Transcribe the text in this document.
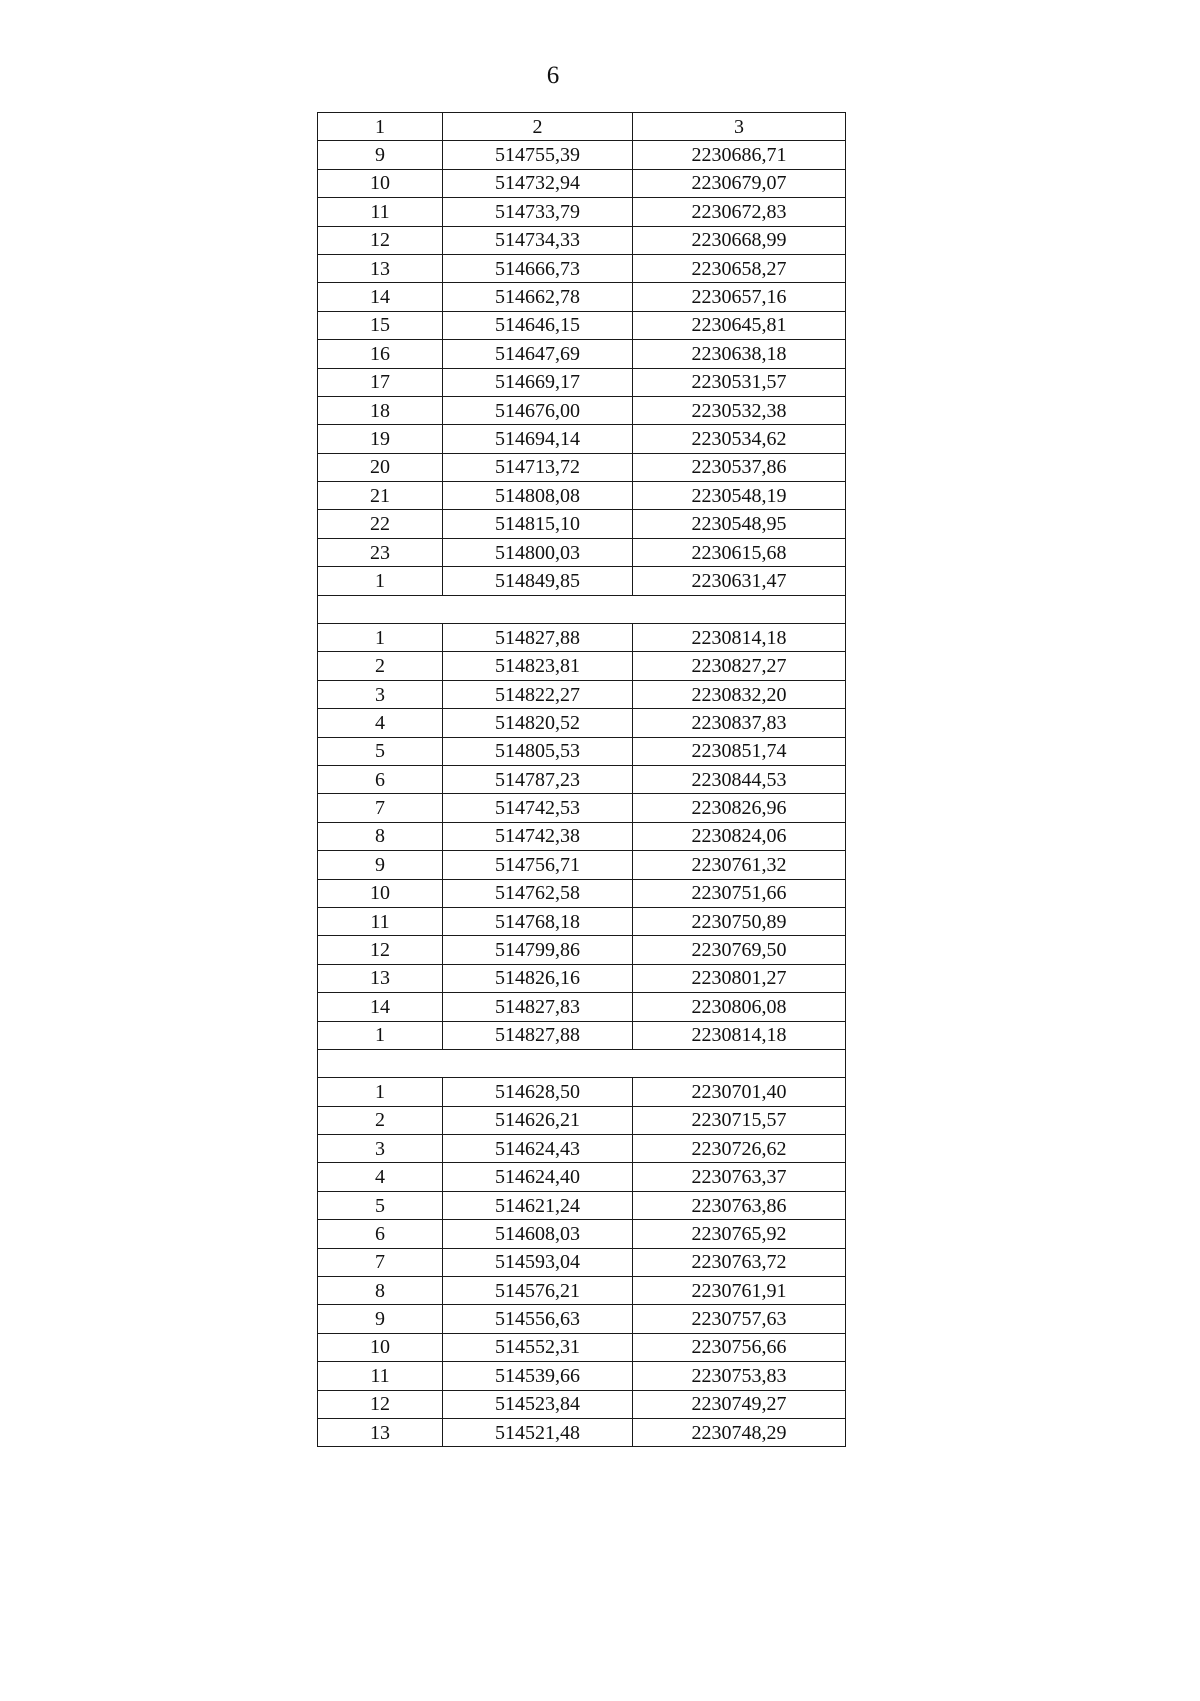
6
1	2	3
9	514755,39	2230686,71
10	514732,94	2230679,07
11	514733,79	2230672,83
12	514734,33	2230668,99
13	514666,73	2230658,27
14	514662,78	2230657,16
15	514646,15	2230645,81
16	514647,69	2230638,18
17	514669,17	2230531,57
18	514676,00	2230532,38
19	514694,14	2230534,62
20	514713,72	2230537,86
21	514808,08	2230548,19
22	514815,10	2230548,95
23	514800,03	2230615,68
1	514849,85	2230631,47

1	514827,88	2230814,18
2	514823,81	2230827,27
3	514822,27	2230832,20
4	514820,52	2230837,83
5	514805,53	2230851,74
6	514787,23	2230844,53
7	514742,53	2230826,96
8	514742,38	2230824,06
9	514756,71	2230761,32
10	514762,58	2230751,66
11	514768,18	2230750,89
12	514799,86	2230769,50
13	514826,16	2230801,27
14	514827,83	2230806,08
1	514827,88	2230814,18

1	514628,50	2230701,40
2	514626,21	2230715,57
3	514624,43	2230726,62
4	514624,40	2230763,37
5	514621,24	2230763,86
6	514608,03	2230765,92
7	514593,04	2230763,72
8	514576,21	2230761,91
9	514556,63	2230757,63
10	514552,31	2230756,66
11	514539,66	2230753,83
12	514523,84	2230749,27
13	514521,48	2230748,29
